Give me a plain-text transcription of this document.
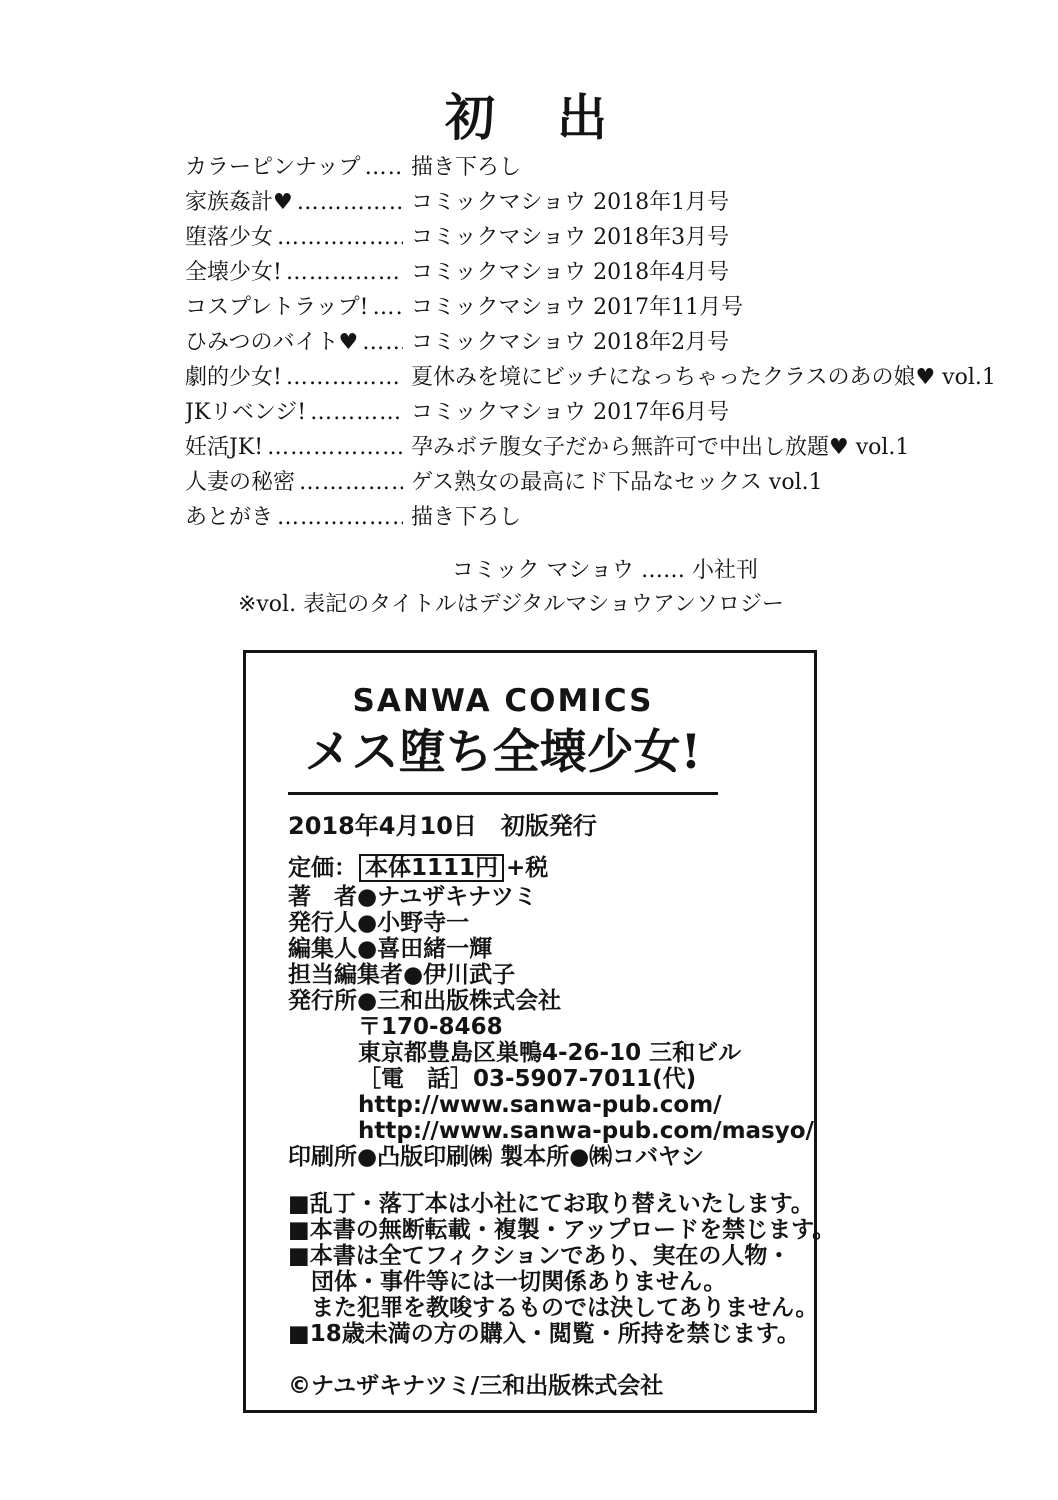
初　出
カラーピンナップ ………………………………………………………………	描き下ろし
家族姦計♥ ………………………………………………………………	コミックマショウ 2018年1月号
堕落少女 ………………………………………………………………	コミックマショウ 2018年3月号
全壊少女! ………………………………………………………………	コミックマショウ 2018年4月号
コスプレトラップ! ………………………………………………………………	コミックマショウ 2017年11月号
ひみつのバイト♥ ………………………………………………………………	コミックマショウ 2018年2月号
劇的少女! ………………………………………………………………	夏休みを境にビッチになっちゃったクラスのあの娘♥ vol.1
JKリベンジ! ………………………………………………………………	コミックマショウ 2017年6月号
妊活JK! ………………………………………………………………	孕みボテ腹女子だから無許可で中出し放題♥ vol.1
人妻の秘密 ………………………………………………………………	ゲス熟女の最高にド下品なセックス vol.1
あとがき ………………………………………………………………	描き下ろし
コミック マショウ …… 小社刊
※vol. 表記のタイトルはデジタルマショウアンソロジー
SANWA COMICS
メス堕ち全壊少女!
2018年4月10日　初版発行
定価： 本体1111円 +税
著　者●ナユザキナツミ
発行人●小野寺一
編集人●喜田緒一輝
担当編集者●伊川武子
発行所●三和出版株式会社
〒170-8468
東京都豊島区巣鴨4-26-10 三和ビル
［電　話］03-5907-7011(代)
http://www.sanwa-pub.com/
http://www.sanwa-pub.com/masyo/
印刷所●凸版印刷㈱ 製本所●㈱コバヤシ
■乱丁・落丁本は小社にてお取り替えいたします。
■本書の無断転載・複製・アップロードを禁じます。
■本書は全てフィクションであり、実在の人物・
　団体・事件等には一切関係ありません。
　また犯罪を教唆するものでは決してありません。
■18歳未満の方の購入・閲覧・所持を禁じます。
©ナユザキナツミ/三和出版株式会社
